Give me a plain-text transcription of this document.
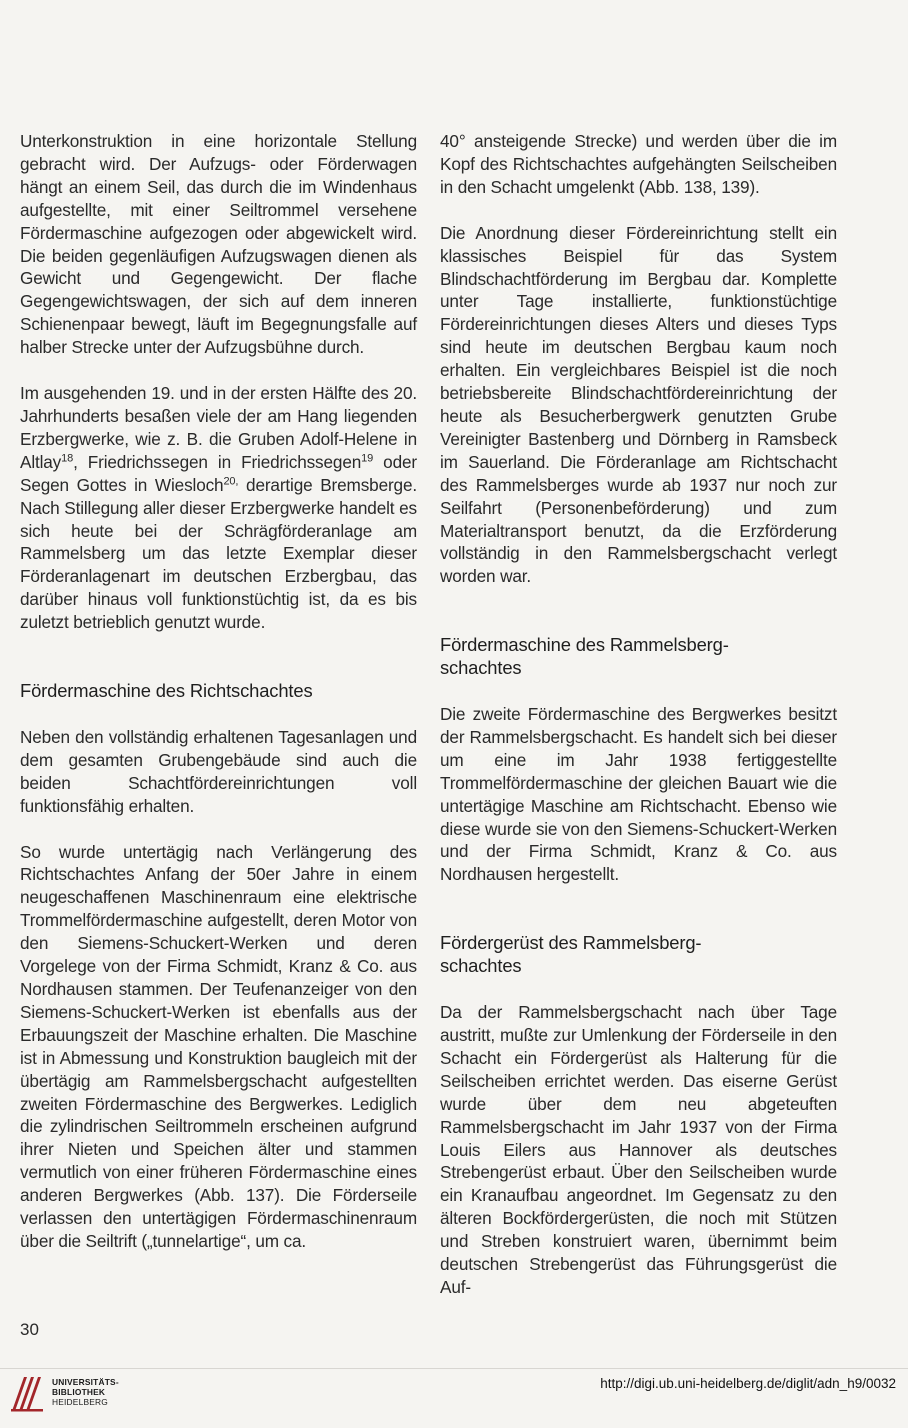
Unterkonstruktion in eine horizontale Stellung gebracht wird. Der Aufzugs- oder Förderwagen hängt an einem Seil, das durch die im Windenhaus aufgestellte, mit einer Seiltrommel versehene Fördermaschine aufgezogen oder abgewickelt wird. Die beiden gegenläufigen Aufzugswagen dienen als Gewicht und Gegengewicht. Der flache Gegengewichtswagen, der sich auf dem inneren Schienenpaar bewegt, läuft im Begegnungsfalle auf halber Strecke unter der Aufzugsbühne durch.

Im ausgehenden 19. und in der ersten Hälfte des 20. Jahrhunderts besaßen viele der am Hang liegenden Erzbergwerke, wie z. B. die Gruben Adolf-Helene in Altlay$^{18}$, Friedrichssegen in Friedrichssegen$^{19}$ oder Segen Gottes in Wiesloch$^{20,}$ derartige Bremsberge. Nach Stillegung aller dieser Erzbergwerke handelt es sich heute bei der Schrägförderanlage am Rammelsberg um das letzte Exemplar dieser Förderanlagenart im deutschen Erzbergbau, das darüber hinaus voll funktionstüchtig ist, da es bis zuletzt betrieblich genutzt wurde.

Fördermaschine des Richtschachtes

Neben den vollständig erhaltenen Tagesanlagen und dem gesamten Grubengebäude sind auch die beiden Schachtfördereinrichtungen voll funktionsfähig erhalten.

So wurde untertägig nach Verlängerung des Richtschachtes Anfang der 50er Jahre in einem neugeschaffenen Maschinenraum eine elektrische Trommelfördermaschine aufgestellt, deren Motor von den Siemens-Schuckert-Werken und deren Vorgelege von der Firma Schmidt, Kranz & Co. aus Nordhausen stammen. Der Teufenanzeiger von den Siemens-Schuckert-Werken ist ebenfalls aus der Erbauungszeit der Maschine erhalten. Die Maschine ist in Abmessung und Konstruktion baugleich mit der übertägig am Rammelsbergschacht aufgestellten zweiten Fördermaschine des Bergwerkes. Lediglich die zylindrischen Seiltrommeln erscheinen aufgrund ihrer Nieten und Speichen älter und stammen vermutlich von einer früheren Fördermaschine eines anderen Bergwerkes (Abb. 137). Die Förderseile verlassen den untertägigen Fördermaschinenraum über die Seiltrift („tunnelartige“, um ca.

40° ansteigende Strecke) und werden über die im Kopf des Richtschachtes aufgehängten Seilscheiben in den Schacht umgelenkt (Abb. 138, 139).

Die Anordnung dieser Fördereinrichtung stellt ein klassisches Beispiel für das System Blindschachtförderung im Bergbau dar. Komplette unter Tage installierte, funktionstüchtige Fördereinrichtungen dieses Alters und dieses Typs sind heute im deutschen Bergbau kaum noch erhalten. Ein vergleichbares Beispiel ist die noch betriebsbereite Blindschachtfördereinrichtung der heute als Besucherbergwerk genutzten Grube Vereinigter Bastenberg und Dörnberg in Ramsbeck im Sauerland. Die Förderanlage am Richtschacht des Rammelsberges wurde ab 1937 nur noch zur Seilfahrt (Personenbeförderung) und zum Materialtransport benutzt, da die Erzförderung vollständig in den Rammelsbergschacht verlegt worden war.

Fördermaschine des Rammelsberg-
schachtes

Die zweite Fördermaschine des Bergwerkes besitzt der Rammelsbergschacht. Es handelt sich bei dieser um eine im Jahr 1938 fertiggestellte Trommelfördermaschine der gleichen Bauart wie die untertägige Maschine am Richtschacht. Ebenso wie diese wurde sie von den Siemens-Schuckert-Werken und der Firma Schmidt, Kranz & Co. aus Nordhausen hergestellt.

Fördergerüst des Rammelsberg-
schachtes

Da der Rammelsbergschacht nach über Tage austritt, mußte zur Umlenkung der Förderseile in den Schacht ein Fördergerüst als Halterung für die Seilscheiben errichtet werden. Das eiserne Gerüst wurde über dem neu abgeteuften Rammelsbergschacht im Jahr 1937 von der Firma Louis Eilers aus Hannover als deutsches Strebengerüst erbaut. Über den Seilscheiben wurde ein Kranaufbau angeordnet. Im Gegensatz zu den älteren Bockfördergerüsten, die noch mit Stützen und Streben konstruiert waren, übernimmt beim deutschen Strebengerüst das Führungsgerüst die Auf-

30
UNIVERSITÄTS-
BIBLIOTHEK
HEIDELBERG
http://digi.ub.uni-heidelberg.de/diglit/adn_h9/0032
